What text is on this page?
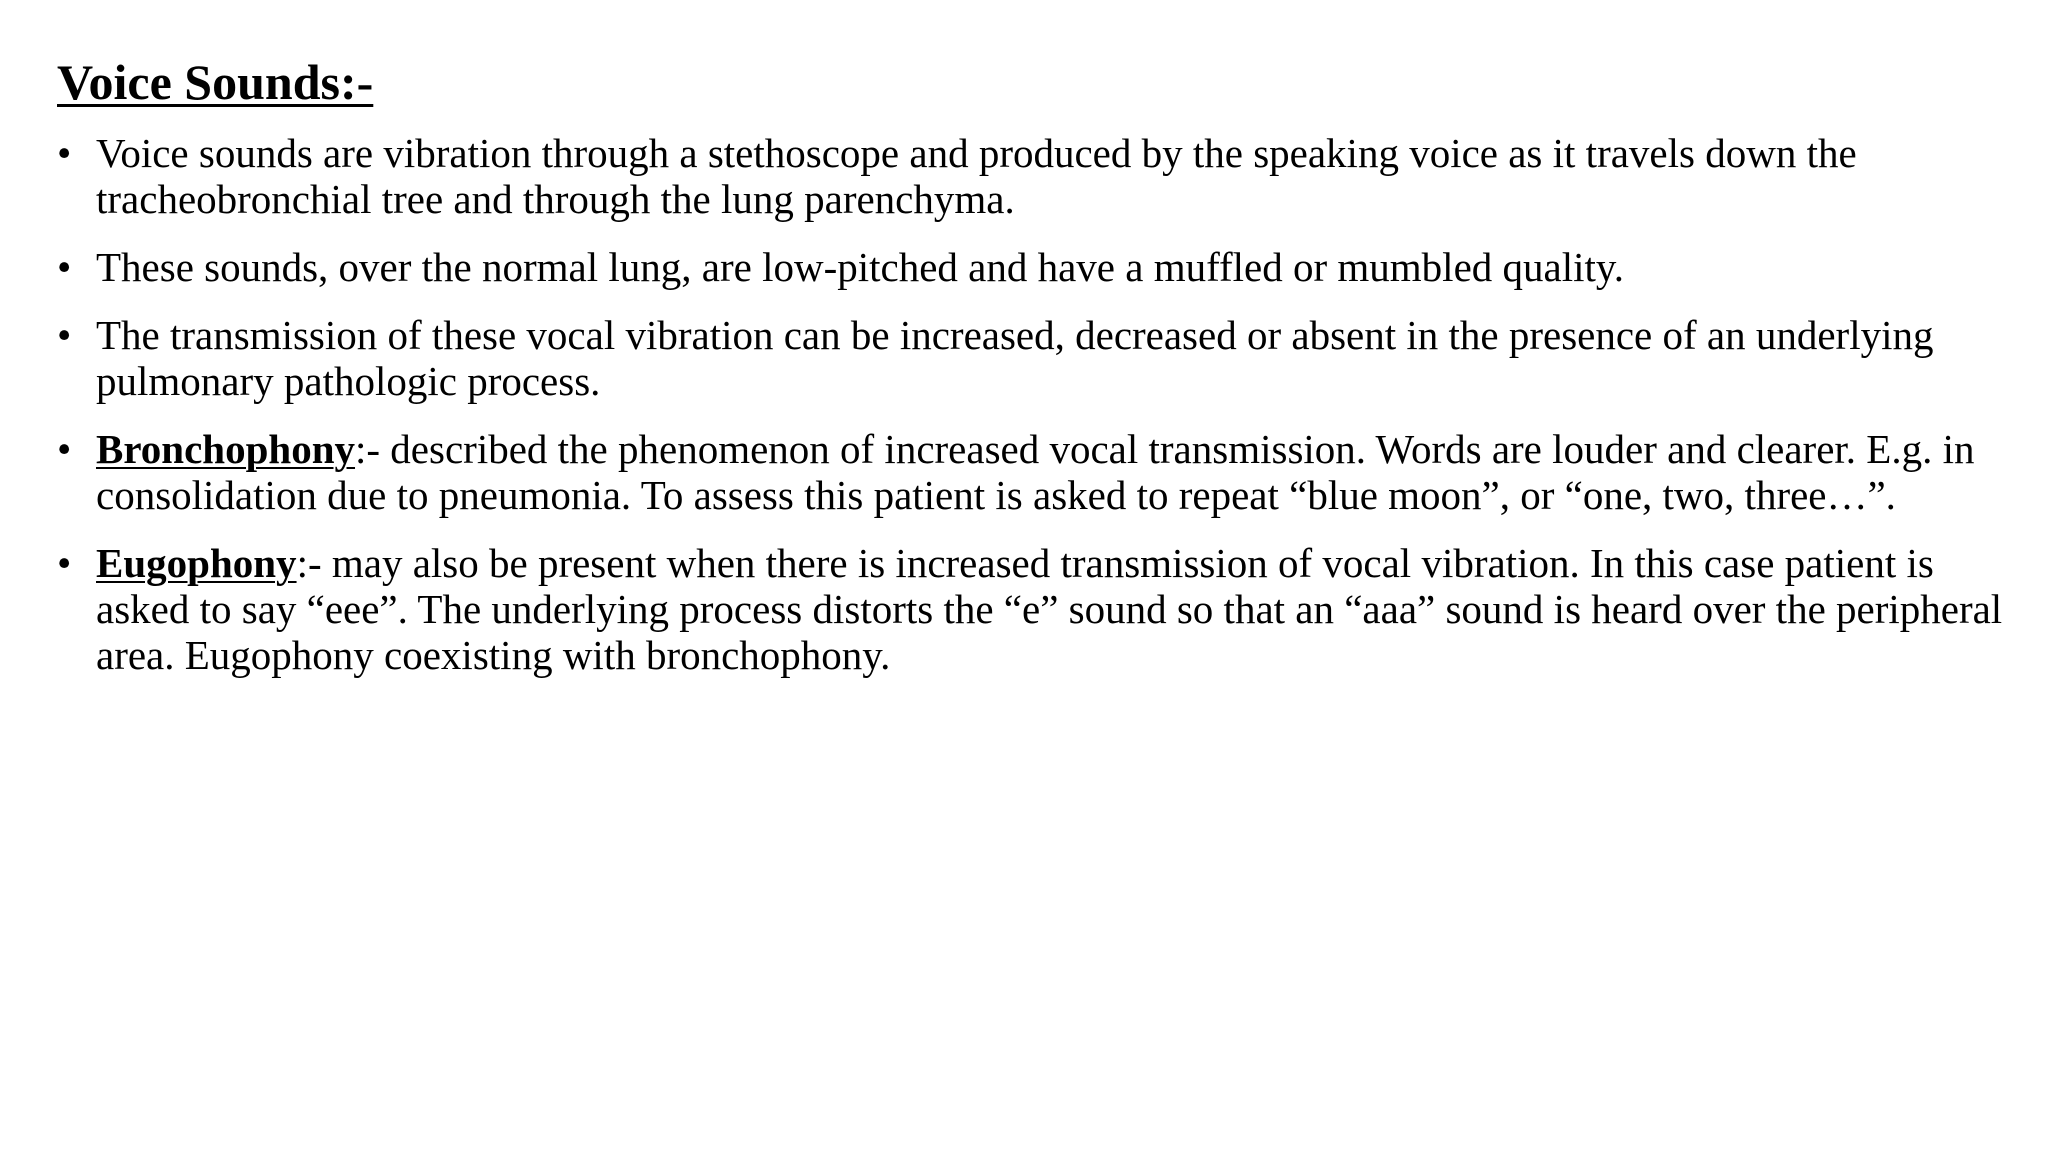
Voice Sounds:-
• Voice sounds are vibration through a stethoscope and produced by the speaking voice as it travels down the tracheobronchial tree and through the lung parenchyma.
• These sounds, over the normal lung, are low-pitched and have a muffled or mumbled quality.
• The transmission of these vocal vibration can be increased, decreased or absent in the presence of an underlying pulmonary pathologic process.
• Bronchophony:- described the phenomenon of increased vocal transmission. Words are louder and clearer. E.g. in consolidation due to pneumonia. To assess this patient is asked to repeat “blue moon”, or “one, two, three…”.
• Eugophony:- may also be present when there is increased transmission of vocal vibration. In this case patient is asked to say “eee”. The underlying process distorts the “e” sound so that an “aaa” sound is heard over the peripheral area. Eugophony coexisting with bronchophony.
